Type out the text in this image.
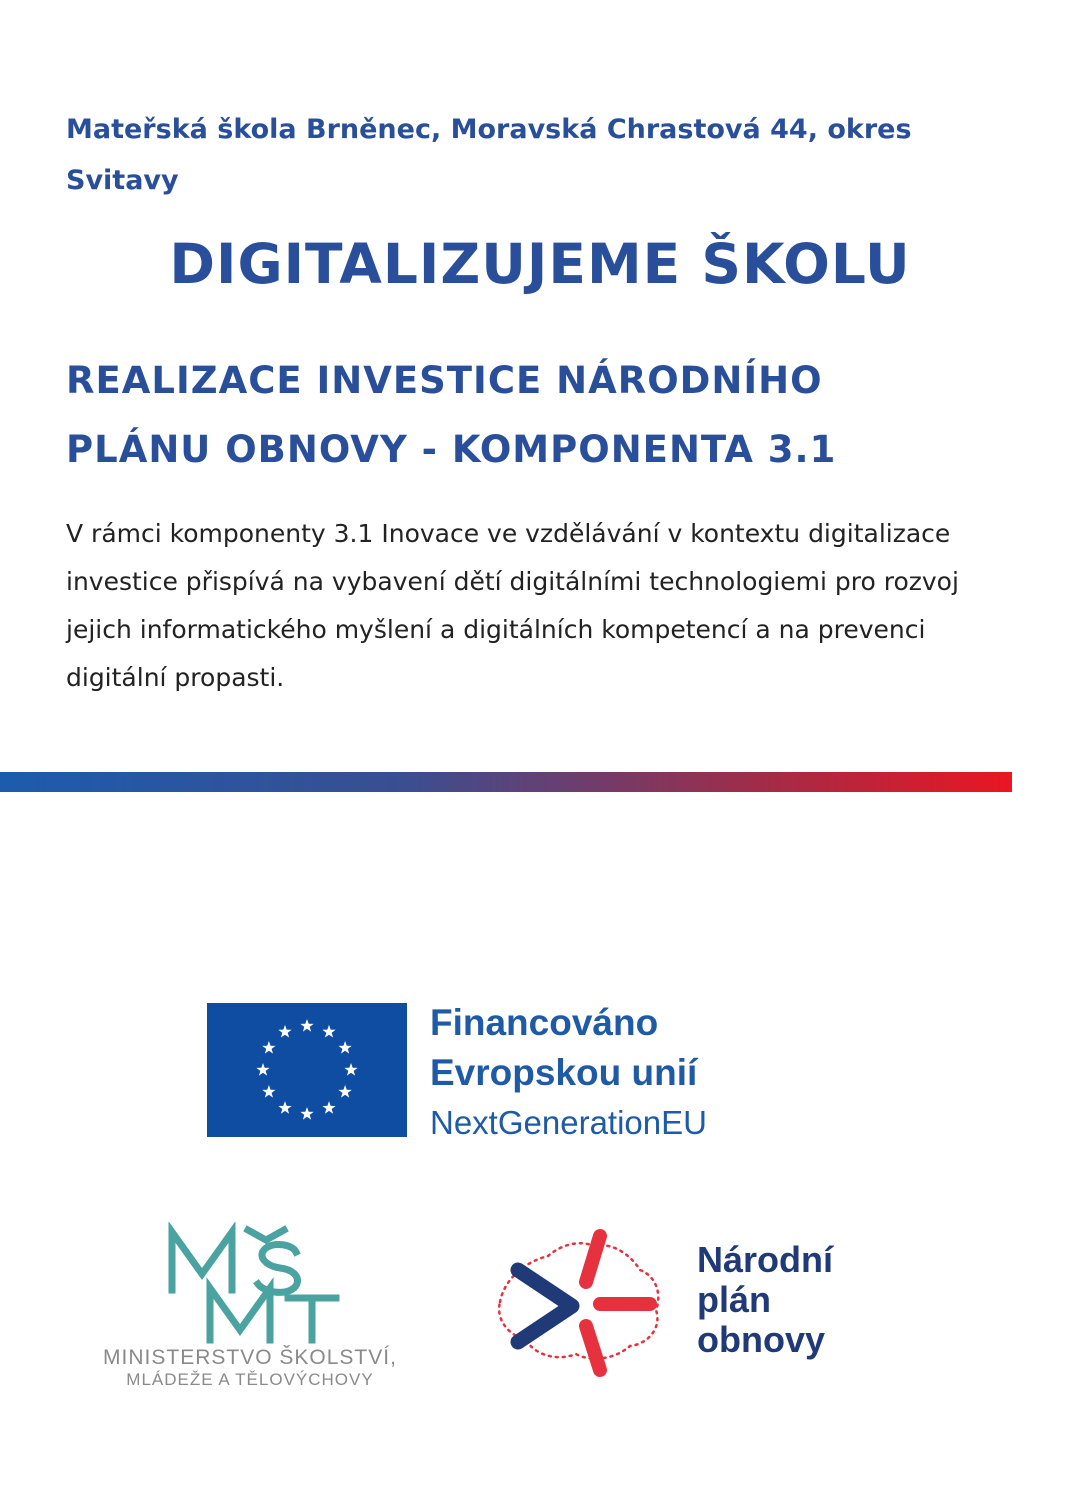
Mateřská škola Brněnec, Moravská Chrastová 44, okres Svitavy

DIGITALIZUJEME ŠKOLU
REALIZACE INVESTICE NÁRODNÍHO
PLÁNU OBNOVY - KOMPONENTA 3.1

V rámci komponenty 3.1 Inovace ve vzdělávání v kontextu digitalizace investice přispívá na vybavení dětí digitálními technologiemi pro rozvoj jejich informatického myšlení a digitálních kompetencí a na prevenci digitální propasti.

Financováno
Evropskou unií
NextGenerationEU

MINISTERSTVO ŠKOLSTVÍ,

MLÁDEŽE A TĚLOVÝCHOVY

Národní
plán
obnovy
